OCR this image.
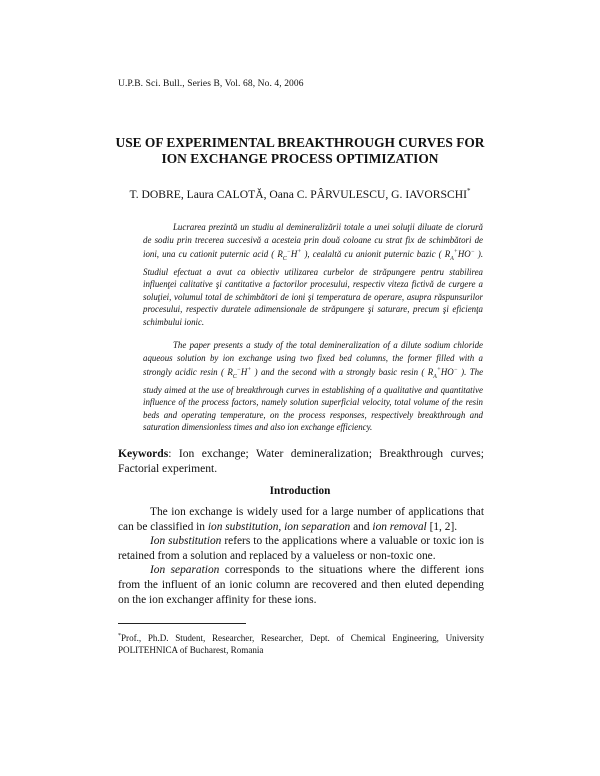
U.P.B. Sci. Bull., Series B, Vol. 68, No. 4, 2006
USE OF EXPERIMENTAL BREAKTHROUGH CURVES FOR
ION EXCHANGE PROCESS OPTIMIZATION
T. DOBRE, Laura CALOTĂ, Oana C. PÂRVULESCU, G. IAVORSCHI*

Lucrarea prezintă un studiu al demineralizării totale a unei soluţii diluate de clorură de sodiu prin trecerea succesivă a acesteia prin două coloane cu strat fix de schimbători de ioni, una cu cationit puternic acid ( $R_C^-H^+$ ), cealaltă cu anionit puternic bazic ( $R_A^+HO^-$ ). Studiul efectuat a avut ca obiectiv utilizarea curbelor de străpungere pentru stabilirea influenţei calitative şi cantitative a factorilor procesului, respectiv viteza fictivă de curgere a soluţiei, volumul total de schimbători de ioni şi temperatura de operare, asupra răspunsurilor procesului, respectiv duratele adimensionale de străpungere şi saturare, precum şi eficienţa schimbului ionic.

The paper presents a study of the total demineralization of a dilute sodium chloride aqueous solution by ion exchange using two fixed bed columns, the former filled with a strongly acidic resin ( $R_C^-H^+$ ) and the second with a strongly basic resin ( $R_A^+HO^-$ ). The study aimed at the use of breakthrough curves in establishing of a qualitative and quantitative influence of the process factors, namely solution superficial velocity, total volume of the resin beds and operating temperature, on the process responses, respectively breakthrough and saturation dimensionless times and also ion exchange efficiency.

Keywords: Ion exchange; Water demineralization; Breakthrough curves; Factorial experiment.

Introduction

The ion exchange is widely used for a large number of applications that can be classified in ion substitution, ion separation and ion removal [1, 2].

Ion substitution refers to the applications where a valuable or toxic ion is retained from a solution and replaced by a valueless or non-toxic one.

Ion separation corresponds to the situations where the different ions from the influent of an ionic column are recovered and then eluted depending on the ion exchanger affinity for these ions.

*Prof., Ph.D. Student, Researcher, Researcher, Dept. of Chemical Engineering, University POLITEHNICA of Bucharest, Romania
